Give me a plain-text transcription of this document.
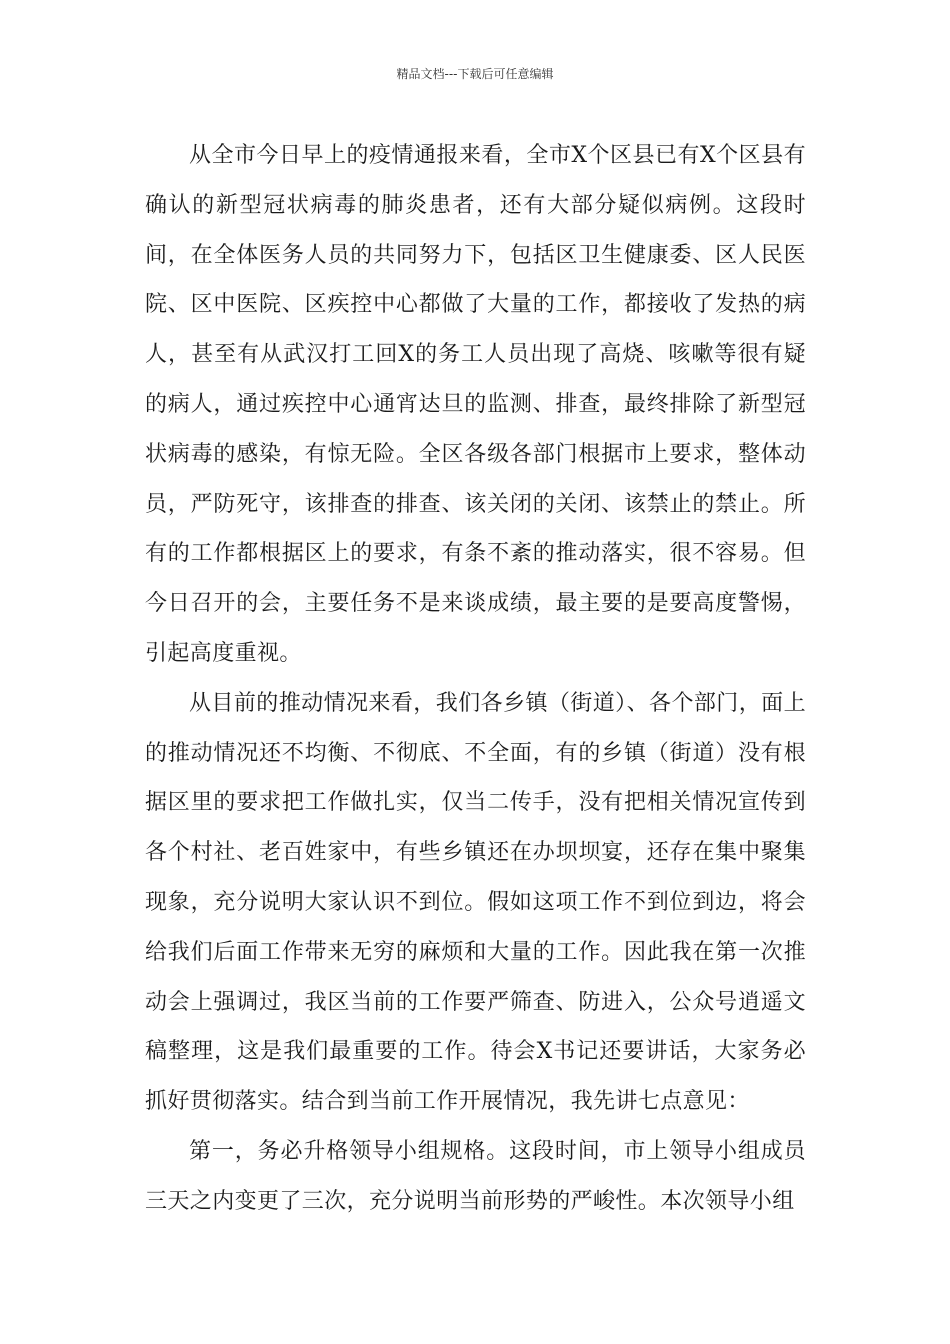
精品文档---下载后可任意编辑

从全市今日早上的疫情通报来看，全市X个区县已有X个区县有确认的新型冠状病毒的肺炎患者，还有大部分疑似病例。这段时间，在全体医务人员的共同努力下，包括区卫生健康委、区人民医院、区中医院、区疾控中心都做了大量的工作，都接收了发热的病人，甚至有从武汉打工回X的务工人员出现了高烧、咳嗽等很有疑的病人，通过疾控中心通宵达旦的监测、排查，最终排除了新型冠状病毒的感染，有惊无险。全区各级各部门根据市上要求，整体动员，严防死守，该排查的排查、该关闭的关闭、该禁止的禁止。所有的工作都根据区上的要求，有条不紊的推动落实，很不容易。但今日召开的会，主要任务不是来谈成绩，最主要的是要高度警惕，引起高度重视。

从目前的推动情况来看，我们各乡镇（街道）、各个部门，面上的推动情况还不均衡、不彻底、不全面，有的乡镇（街道）没有根据区里的要求把工作做扎实，仅当二传手，没有把相关情况宣传到各个村社、老百姓家中，有些乡镇还在办坝坝宴，还存在集中聚集现象，充分说明大家认识不到位。假如这项工作不到位到边，将会给我们后面工作带来无穷的麻烦和大量的工作。因此我在第一次推动会上强调过，我区当前的工作要严筛查、防进入，公众号逍遥文稿整理，这是我们最重要的工作。待会X书记还要讲话，大家务必抓好贯彻落实。结合到当前工作开展情况，我先讲七点意见：

第一，务必升格领导小组规格。这段时间，市上领导小组成员三天之内变更了三次，充分说明当前形势的严峻性。本次领导小组
